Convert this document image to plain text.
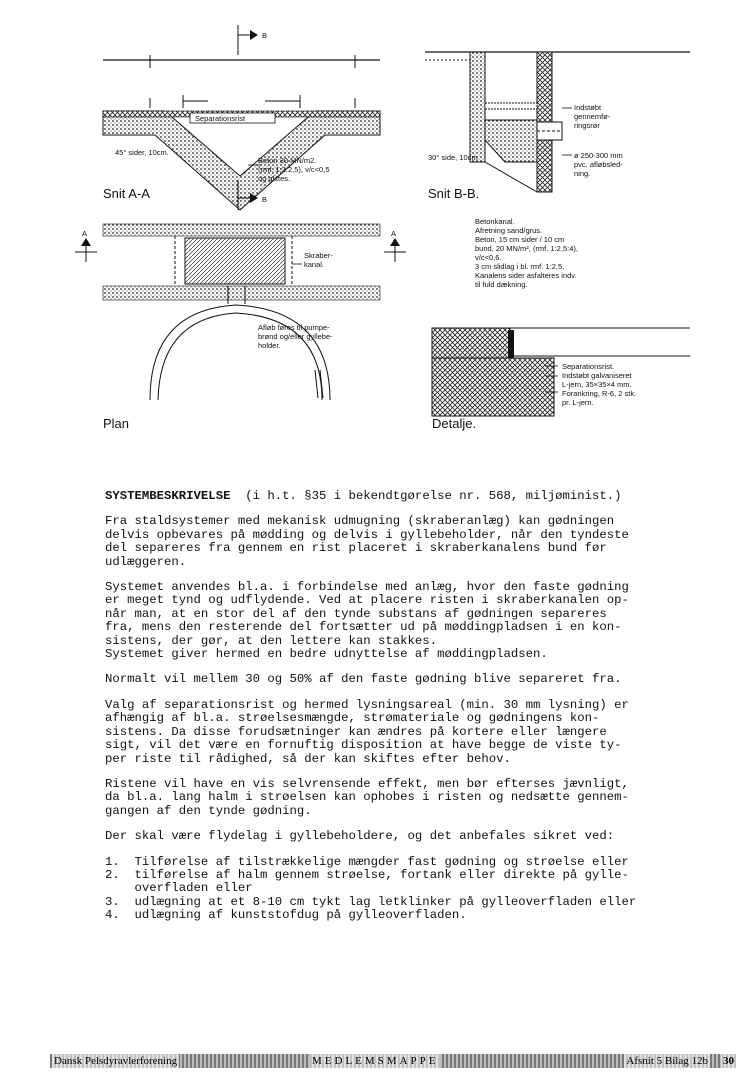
Separationsrist
B
B
45° sider, 10cm.
Beton 30 MN/m2.
(rmf. 1:2:2,5), v/c<0,5
og glittes.
Snit A-A
Indstøbt
gennemfø-
ringsrør
ø 250-300 mm
pvc. afløbsled-
ning.
30° side, 10cm
Snit B-B.
A	A
Skraber-
kanal.
Afløb føres til pumpe-
brønd og/eller gyllebe-
holder.
Plan
Betonkanal.
Afretning sand/grus.
Beton, 15 cm sider / 10 cm
bund, 20 MN/m², (rmf. 1:2,5:4),
v/c<0,6.
3 cm slidlag i bl. rmf. 1:2,5.
Kanalens sider asfalteres indv.
til fuld dækning.
Separationsrist.
Indstøbt galvaniseret
L-jern, 35×35×4 mm.
Forankring, R-6, 2 stk.
pr. L-jern.
Detalje.

SYSTEMBESKRIVELSE  (i h.t. §35 i bekendtgørelse nr. 568, miljøminist.)

Fra staldsystemer med mekanisk udmugning (skraberanlæg) kan gødningen
delvis opbevares på mødding og delvis i gyllebeholder, når den tyndeste
del separeres fra gennem en rist placeret i skraberkanalens bund før
udlæggeren.

Systemet anvendes bl.a. i forbindelse med anlæg, hvor den faste gødning
er meget tynd og udflydende. Ved at placere risten i skraberkanalen op-
når man, at en stor del af den tynde substans af gødningen separeres
fra, mens den resterende del fortsætter ud på møddingpladsen i en kon-
sistens, der gør, at den lettere kan stakkes.
Systemet giver hermed en bedre udnyttelse af møddingpladsen.

Normalt vil mellem 30 og 50% af den faste gødning blive separeret fra.

Valg af separationsrist og hermed lysningsareal (min. 30 mm lysning) er
afhængig af bl.a. strøelsesmængde, strømateriale og gødningens kon-
sistens. Da disse forudsætninger kan ændres på kortere eller længere
sigt, vil det være en fornuftig disposition at have begge de viste ty-
per riste til rådighed, så der kan skiftes efter behov.

Ristene vil have en vis selvrensende effekt, men bør efterses jævnligt,
da bl.a. lang halm i strøelsen kan ophobes i risten og nedsætte gennem-
gangen af den tynde gødning.

Der skal være flydelag i gyllebeholdere, og det anbefales sikret ved:

1.  Tilførelse af tilstrækkelige mængder fast gødning og strøelse eller
2.  tilførelse af halm gennem strøelse, fortank eller direkte på gylle-
overfladen eller
3.  udlægning at et 8-10 cm tykt lag letklinker på gylleoverfladen eller
4.  udlægning af kunststofdug på gylleoverfladen.
Dansk Pelsdyravlerforening	MEDLEMSMAPPE	Afsnit 5 Bilag 12b 30
